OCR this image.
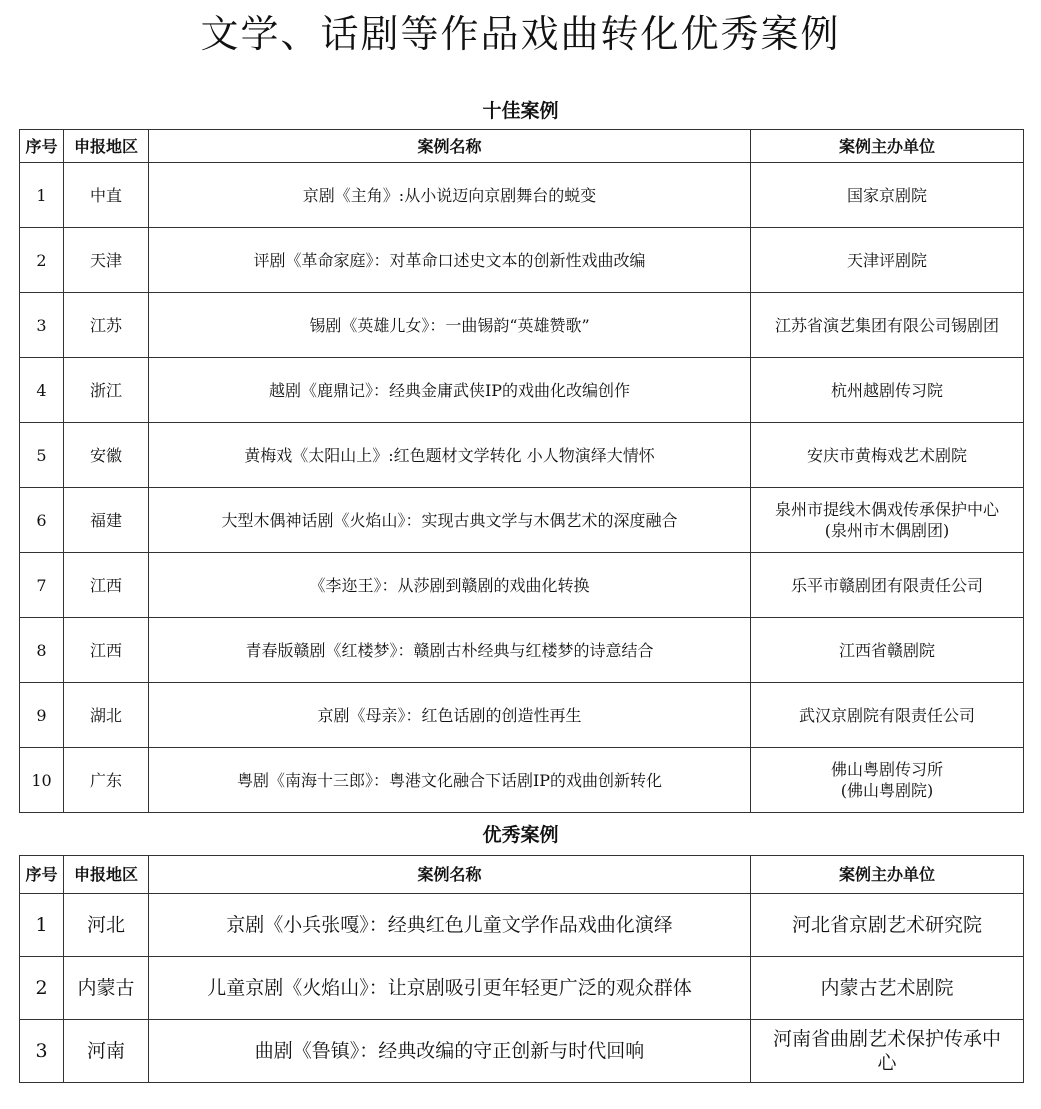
文学、话剧等作品戏曲转化优秀案例
十佳案例
序号	申报地区	案例名称	案例主办单位
1	中直	京剧《主角》:从小说迈向京剧舞台的蜕变	国家京剧院
2	天津	评剧《革命家庭》：对革命口述史文本的创新性戏曲改编	天津评剧院
3	江苏	锡剧《英雄儿女》：一曲锡韵“英雄赞歌”	江苏省演艺集团有限公司锡剧团
4	浙江	越剧《鹿鼎记》：经典金庸武侠IP的戏曲化改编创作	杭州越剧传习院
5	安徽	黄梅戏《太阳山上》:红色题材文学转化 小人物演绎大情怀	安庆市黄梅戏艺术剧院
6	福建	大型木偶神话剧《火焰山》：实现古典文学与木偶艺术的深度融合	泉州市提线木偶戏传承保护中心
(泉州市木偶剧团)
7	江西	《李迩王》：从莎剧到赣剧的戏曲化转换	乐平市赣剧团有限责任公司
8	江西	青春版赣剧《红楼梦》：赣剧古朴经典与红楼梦的诗意结合	江西省赣剧院
9	湖北	京剧《母亲》：红色话剧的创造性再生	武汉京剧院有限责任公司
10	广东	粤剧《南海十三郎》：粤港文化融合下话剧IP的戏曲创新转化	佛山粤剧传习所
(佛山粤剧院)
优秀案例
序号	申报地区	案例名称	案例主办单位
1	河北	京剧《小兵张嘎》：经典红色儿童文学作品戏曲化演绎	河北省京剧艺术研究院
2	内蒙古	儿童京剧《火焰山》：让京剧吸引更年轻更广泛的观众群体	内蒙古艺术剧院
3	河南	曲剧《鲁镇》：经典改编的守正创新与时代回响	河南省曲剧艺术保护传承中
心
